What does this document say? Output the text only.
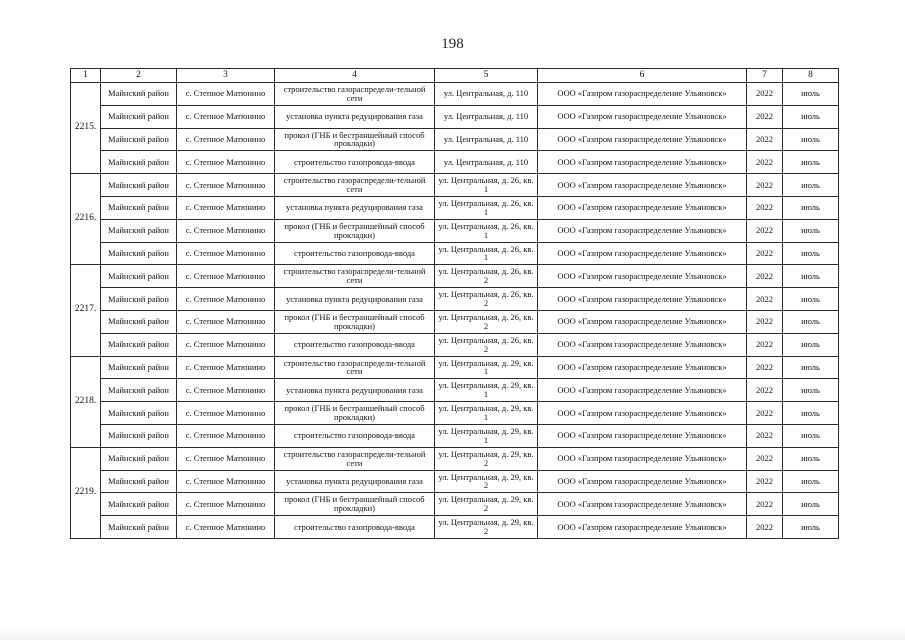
198
1	2	3	4	5	6	7	8
2215.	Майнский район	с. Степное Матюнино	строительство газораспредели-тельной сети	ул. Центральная, д. 110	ООО «Газпром газораспределение Ульяновск»	2022	июль
	Майнский район	с. Степное Матюнино	установка пункта редуцирования газа	ул. Центральная, д. 110	ООО «Газпром газораспределение Ульяновск»	2022	июль
	Майнский район	с. Степное Матюнино	прокол (ГНБ и бестраншейный способ прокладки)	ул. Центральная, д. 110	ООО «Газпром газораспределение Ульяновск»	2022	июль
	Майнский район	с. Степное Матюнино	строительство газопровода-ввода	ул. Центральная, д. 110	ООО «Газпром газораспределение Ульяновск»	2022	июль
2216.	Майнский район	с. Степное Матюнино	строительство газораспредели-тельной сети	ул. Центральная, д. 26, кв. 1	ООО «Газпром газораспределение Ульяновск»	2022	июль
	Майнский район	с. Степное Матюнино	установка пункта редуцирования газа	ул. Центральная, д. 26, кв. 1	ООО «Газпром газораспределение Ульяновск»	2022	июль
	Майнский район	с. Степное Матюнино	прокол (ГНБ и бестраншейный способ прокладки)	ул. Центральная, д. 26, кв. 1	ООО «Газпром газораспределение Ульяновск»	2022	июль
	Майнский район	с. Степное Матюнино	строительство газопровода-ввода	ул. Центральная, д. 26, кв. 1	ООО «Газпром газораспределение Ульяновск»	2022	июль
2217.	Майнский район	с. Степное Матюнино	строительство газораспредели-тельной сети	ул. Центральная, д. 26, кв. 2	ООО «Газпром газораспределение Ульяновск»	2022	июль
	Майнский район	с. Степное Матюнино	установка пункта редуцирования газа	ул. Центральная, д. 26, кв. 2	ООО «Газпром газораспределение Ульяновск»	2022	июль
	Майнский район	с. Степное Матюнино	прокол (ГНБ и бестраншейный способ прокладки)	ул. Центральная, д. 26, кв. 2	ООО «Газпром газораспределение Ульяновск»	2022	июль
	Майнский район	с. Степное Матюнино	строительство газопровода-ввода	ул. Центральная, д. 26, кв. 2	ООО «Газпром газораспределение Ульяновск»	2022	июль
2218.	Майнский район	с. Степное Матюнино	строительство газораспредели-тельной сети	ул. Центральная, д. 29, кв. 1	ООО «Газпром газораспределение Ульяновск»	2022	июль
	Майнский район	с. Степное Матюнино	установка пункта редуцирования газа	ул. Центральная, д. 29, кв. 1	ООО «Газпром газораспределение Ульяновск»	2022	июль
	Майнский район	с. Степное Матюнино	прокол (ГНБ и бестраншейный способ прокладки)	ул. Центральная, д. 29, кв. 1	ООО «Газпром газораспределение Ульяновск»	2022	июль
	Майнский район	с. Степное Матюнино	строительство газопровода-ввода	ул. Центральная, д. 29, кв. 1	ООО «Газпром газораспределение Ульяновск»	2022	июль
2219.	Майнский район	с. Степное Матюнино	строительство газораспредели-тельной сети	ул. Центральная, д. 29, кв. 2	ООО «Газпром газораспределение Ульяновск»	2022	июль
	Майнский район	с. Степное Матюнино	установка пункта редуцирования газа	ул. Центральная, д. 29, кв. 2	ООО «Газпром газораспределение Ульяновск»	2022	июль
	Майнский район	с. Степное Матюнино	прокол (ГНБ и бестраншейный способ прокладки)	ул. Центральная, д. 29, кв. 2	ООО «Газпром газораспределение Ульяновск»	2022	июль
	Майнский район	с. Степное Матюнино	строительство газопровода-ввода	ул. Центральная, д. 29, кв. 2	ООО «Газпром газораспределение Ульяновск»	2022	июль
